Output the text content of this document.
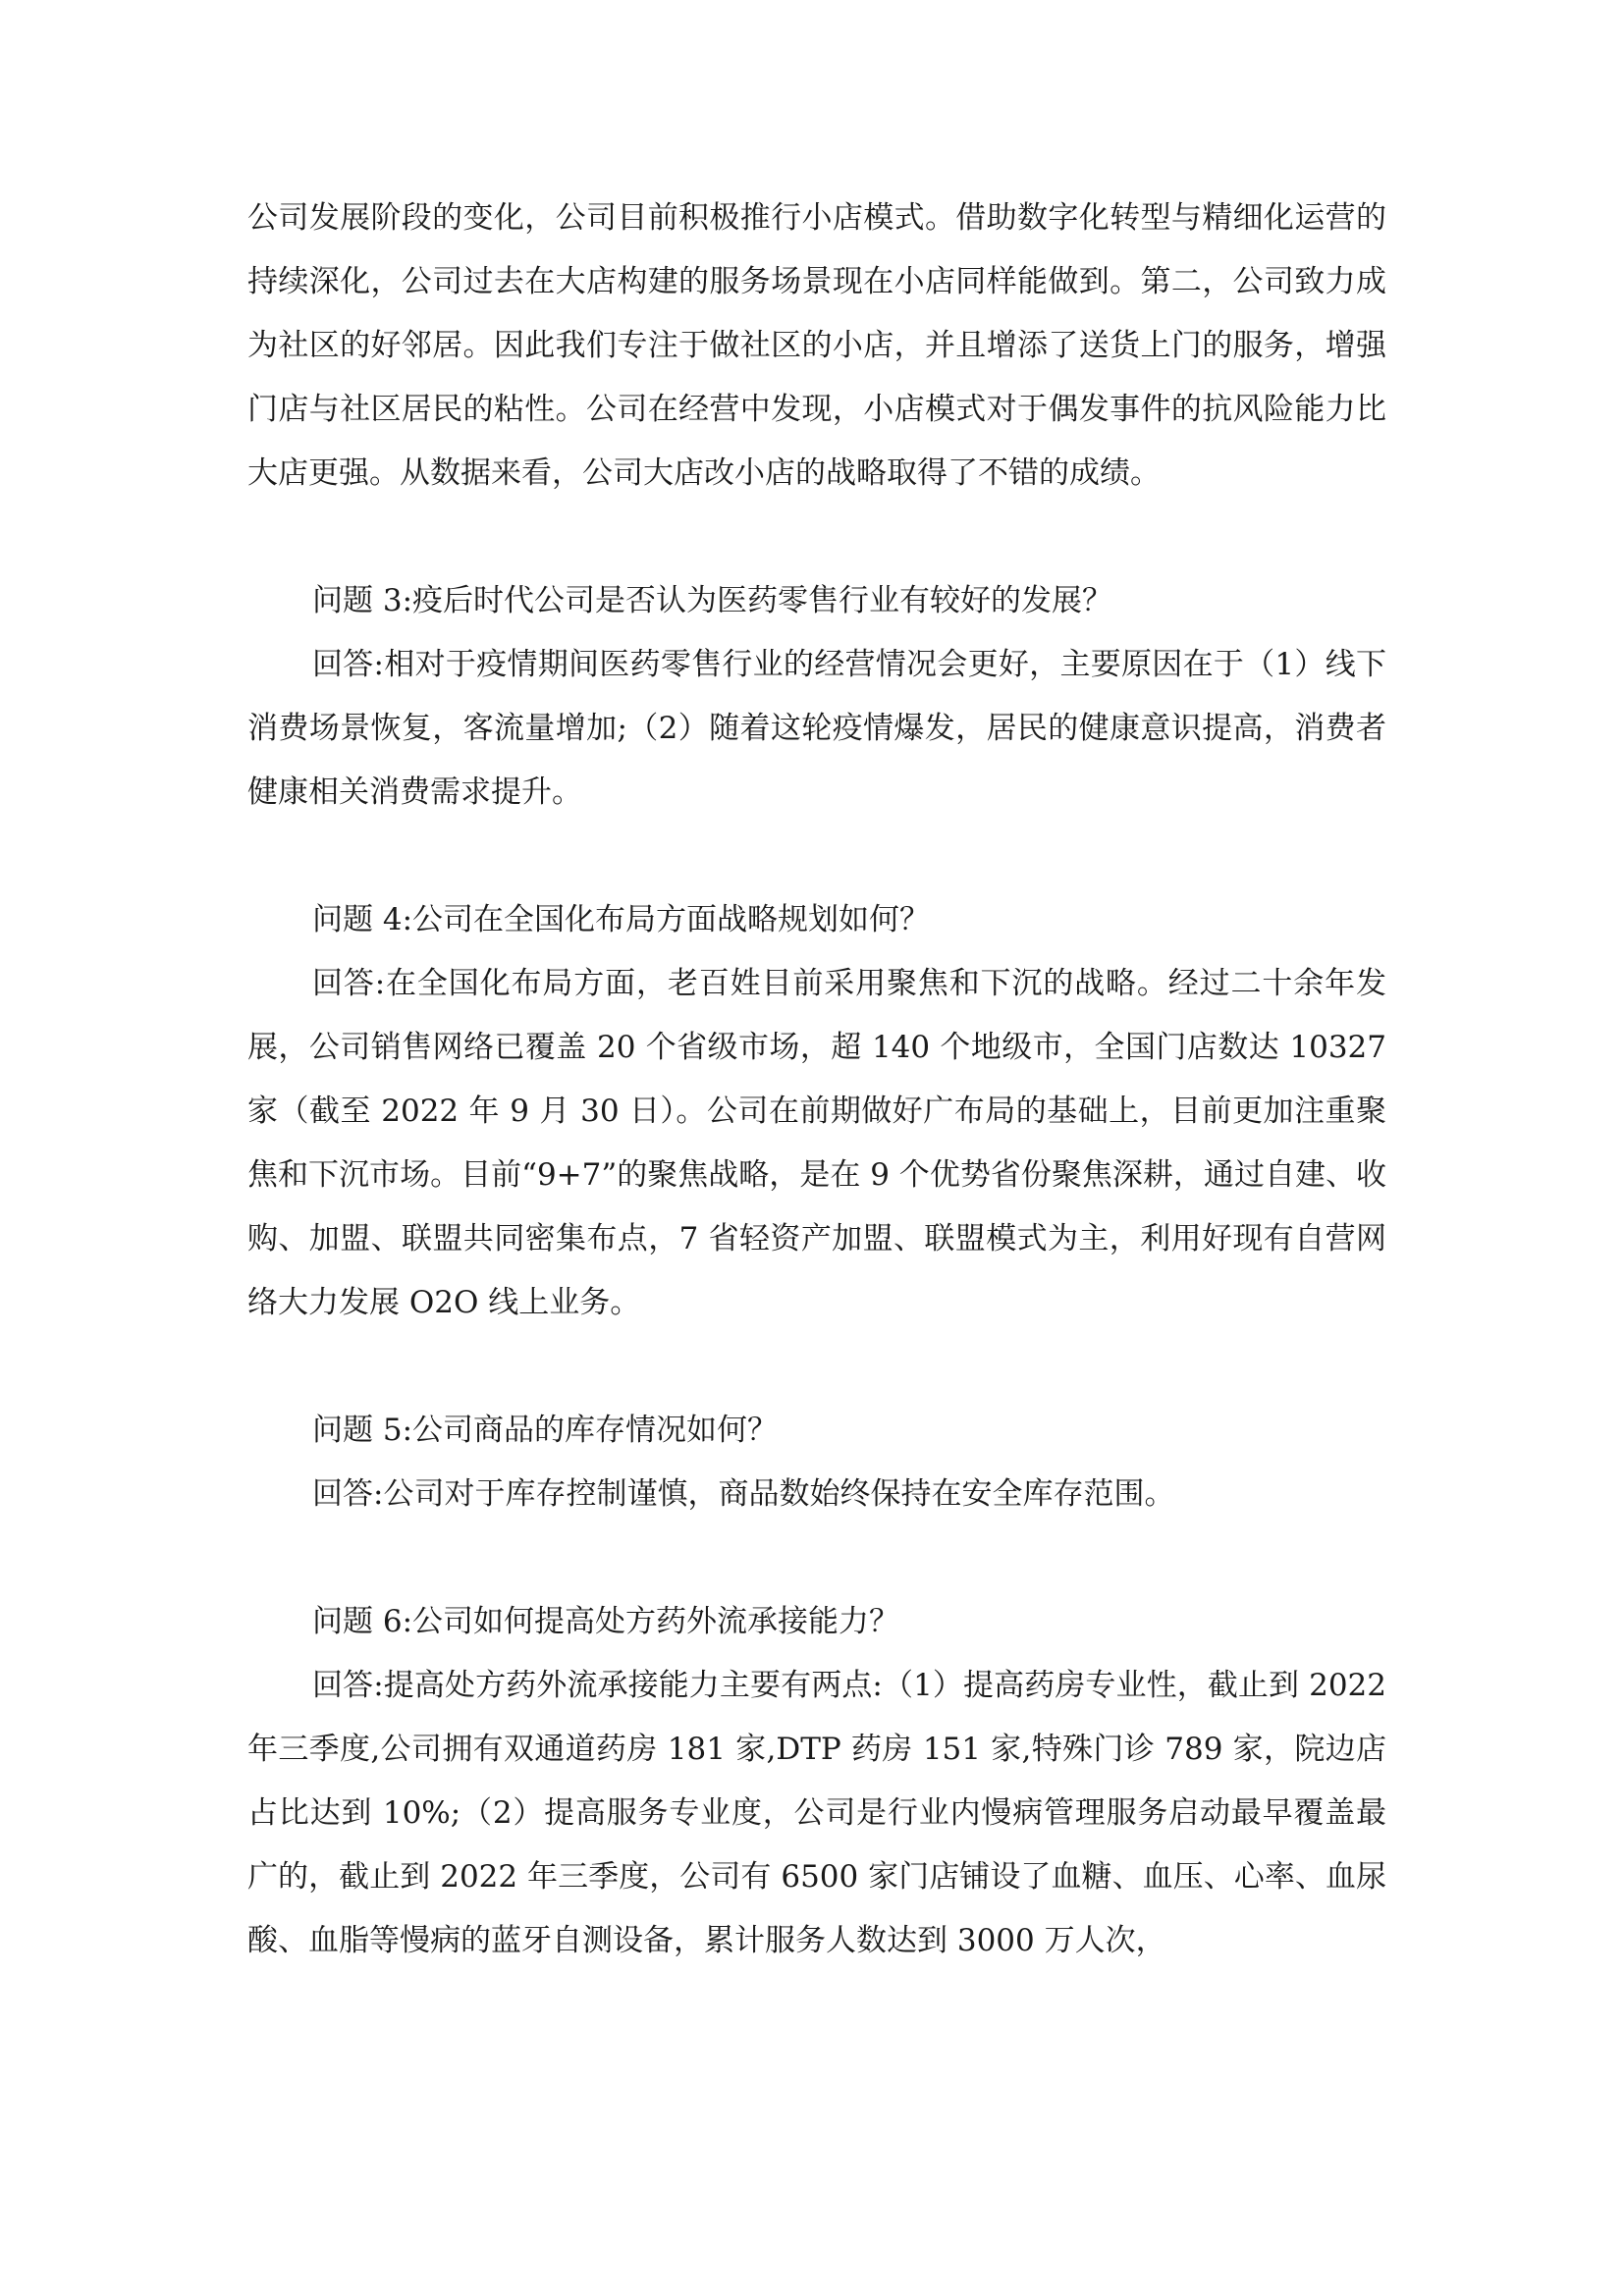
公司发展阶段的变化，公司目前积极推行小店模式。借助数字化转型与精细化运营的持续深化，公司过去在大店构建的服务场景现在小店同样能做到。第二，公司致力成为社区的好邻居。因此我们专注于做社区的小店，并且增添了送货上门的服务，增强门店与社区居民的粘性。公司在经营中发现，小店模式对于偶发事件的抗风险能力比大店更强。从数据来看，公司大店改小店的战略取得了不错的成绩。

问题 3:疫后时代公司是否认为医药零售行业有较好的发展？

回答:相对于疫情期间医药零售行业的经营情况会更好，主要原因在于（1）线下消费场景恢复，客流量增加;（2）随着这轮疫情爆发，居民的健康意识提高，消费者健康相关消费需求提升。

问题 4:公司在全国化布局方面战略规划如何？

回答:在全国化布局方面，老百姓目前采用聚焦和下沉的战略。经过二十余年发展，公司销售网络已覆盖 20 个省级市场，超 140 个地级市，全国门店数达 10327 家（截至 2022 年 9 月 30 日）。公司在前期做好广布局的基础上，目前更加注重聚焦和下沉市场。目前“9+7”的聚焦战略，是在 9 个优势省份聚焦深耕，通过自建、收购、加盟、联盟共同密集布点，7 省轻资产加盟、联盟模式为主，利用好现有自营网络大力发展 O2O 线上业务。

问题 5:公司商品的库存情况如何？

回答:公司对于库存控制谨慎，商品数始终保持在安全库存范围。

问题 6:公司如何提高处方药外流承接能力？

回答:提高处方药外流承接能力主要有两点:（1）提高药房专业性，截止到 2022 年三季度,公司拥有双通道药房 181 家,DTP 药房 151 家,特殊门诊 789 家，院边店占比达到 10%;（2）提高服务专业度，公司是行业内慢病管理服务启动最早覆盖最广的，截止到 2022 年三季度，公司有 6500 家门店铺设了血糖、血压、心率、血尿酸、血脂等慢病的蓝牙自测设备，累计服务人数达到 3000 万人次，
